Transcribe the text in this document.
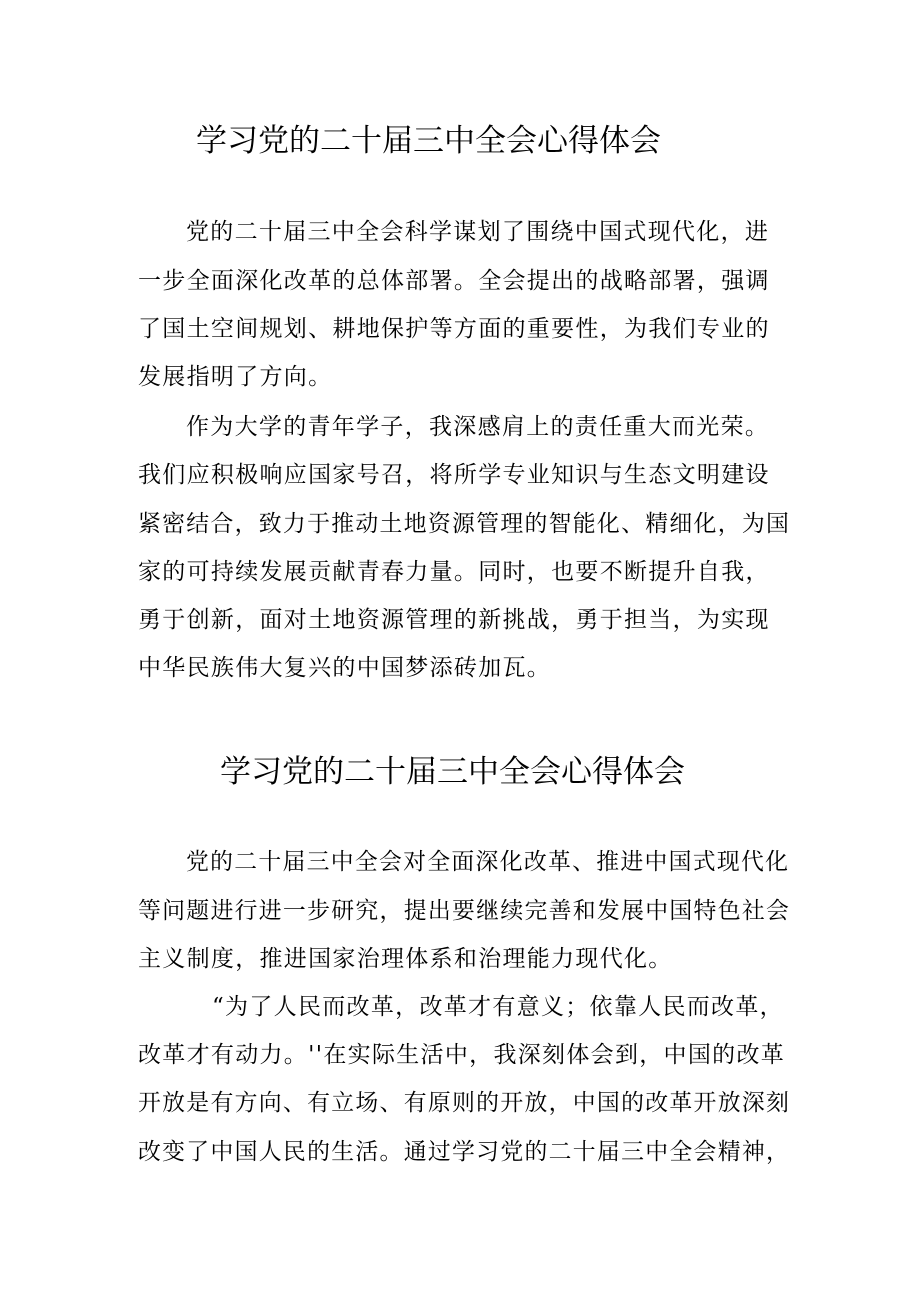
学习党的二十届三中全会心得体会
党的二十届三中全会科学谋划了围绕中国式现代化，进
一步全面深化改革的总体部署。全会提出的战略部署，强调
了国土空间规划、耕地保护等方面的重要性，为我们专业的
发展指明了方向。
作为大学的青年学子，我深感肩上的责任重大而光荣。
我们应积极响应国家号召，将所学专业知识与生态文明建设
紧密结合，致力于推动土地资源管理的智能化、精细化，为国
家的可持续发展贡献青春力量。同时，也要不断提升自我，
勇于创新，面对土地资源管理的新挑战，勇于担当，为实现
中华民族伟大复兴的中国梦添砖加瓦。
学习党的二十届三中全会心得体会
党的二十届三中全会对全面深化改革、推进中国式现代化
等问题进行进一步研究，提出要继续完善和发展中国特色社会
主义制度，推进国家治理体系和治理能力现代化。
“为了人民而改革，改革才有意义；依靠人民而改革，
改革才有动力。''在实际生活中，我深刻体会到，中国的改革
开放是有方向、有立场、有原则的开放，中国的改革开放深刻
改变了中国人民的生活。通过学习党的二十届三中全会精神，
